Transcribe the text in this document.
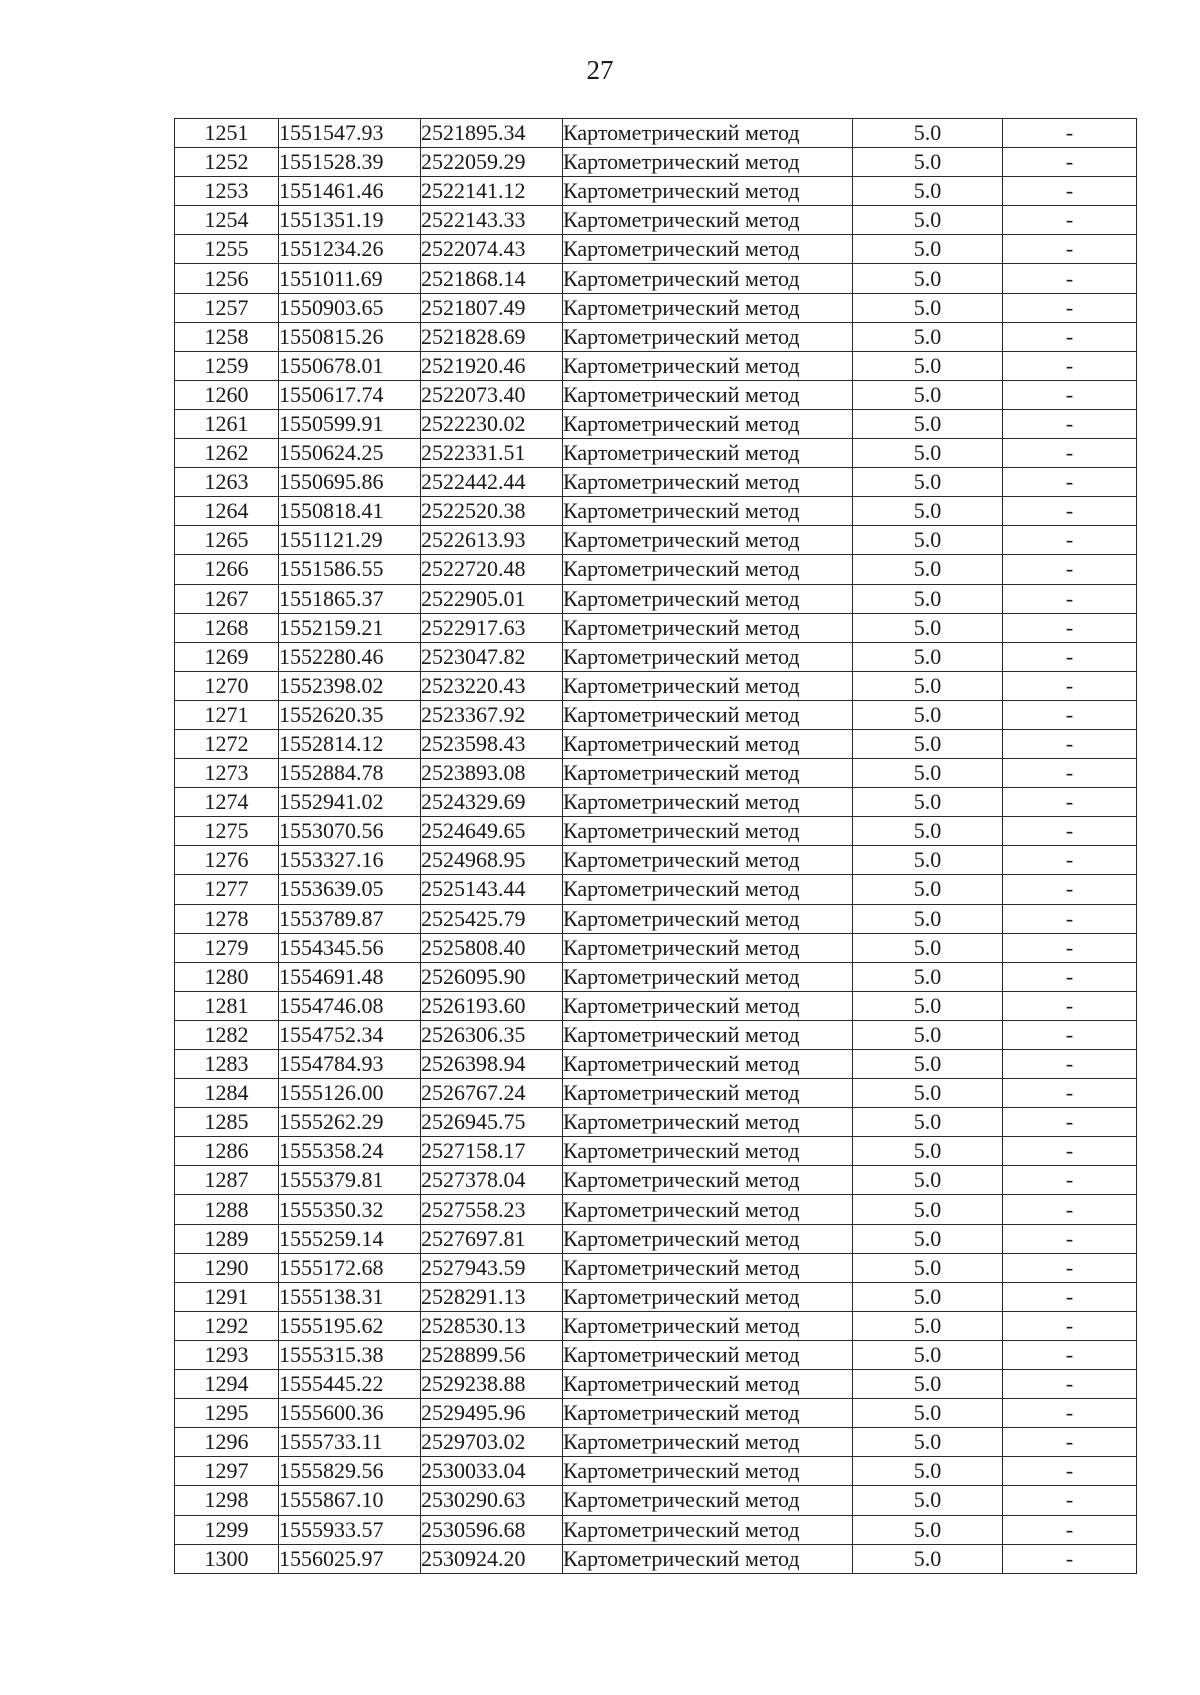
27
1251	1551547.93	2521895.34	Картометрический метод	5.0	-
1252	1551528.39	2522059.29	Картометрический метод	5.0	-
1253	1551461.46	2522141.12	Картометрический метод	5.0	-
1254	1551351.19	2522143.33	Картометрический метод	5.0	-
1255	1551234.26	2522074.43	Картометрический метод	5.0	-
1256	1551011.69	2521868.14	Картометрический метод	5.0	-
1257	1550903.65	2521807.49	Картометрический метод	5.0	-
1258	1550815.26	2521828.69	Картометрический метод	5.0	-
1259	1550678.01	2521920.46	Картометрический метод	5.0	-
1260	1550617.74	2522073.40	Картометрический метод	5.0	-
1261	1550599.91	2522230.02	Картометрический метод	5.0	-
1262	1550624.25	2522331.51	Картометрический метод	5.0	-
1263	1550695.86	2522442.44	Картометрический метод	5.0	-
1264	1550818.41	2522520.38	Картометрический метод	5.0	-
1265	1551121.29	2522613.93	Картометрический метод	5.0	-
1266	1551586.55	2522720.48	Картометрический метод	5.0	-
1267	1551865.37	2522905.01	Картометрический метод	5.0	-
1268	1552159.21	2522917.63	Картометрический метод	5.0	-
1269	1552280.46	2523047.82	Картометрический метод	5.0	-
1270	1552398.02	2523220.43	Картометрический метод	5.0	-
1271	1552620.35	2523367.92	Картометрический метод	5.0	-
1272	1552814.12	2523598.43	Картометрический метод	5.0	-
1273	1552884.78	2523893.08	Картометрический метод	5.0	-
1274	1552941.02	2524329.69	Картометрический метод	5.0	-
1275	1553070.56	2524649.65	Картометрический метод	5.0	-
1276	1553327.16	2524968.95	Картометрический метод	5.0	-
1277	1553639.05	2525143.44	Картометрический метод	5.0	-
1278	1553789.87	2525425.79	Картометрический метод	5.0	-
1279	1554345.56	2525808.40	Картометрический метод	5.0	-
1280	1554691.48	2526095.90	Картометрический метод	5.0	-
1281	1554746.08	2526193.60	Картометрический метод	5.0	-
1282	1554752.34	2526306.35	Картометрический метод	5.0	-
1283	1554784.93	2526398.94	Картометрический метод	5.0	-
1284	1555126.00	2526767.24	Картометрический метод	5.0	-
1285	1555262.29	2526945.75	Картометрический метод	5.0	-
1286	1555358.24	2527158.17	Картометрический метод	5.0	-
1287	1555379.81	2527378.04	Картометрический метод	5.0	-
1288	1555350.32	2527558.23	Картометрический метод	5.0	-
1289	1555259.14	2527697.81	Картометрический метод	5.0	-
1290	1555172.68	2527943.59	Картометрический метод	5.0	-
1291	1555138.31	2528291.13	Картометрический метод	5.0	-
1292	1555195.62	2528530.13	Картометрический метод	5.0	-
1293	1555315.38	2528899.56	Картометрический метод	5.0	-
1294	1555445.22	2529238.88	Картометрический метод	5.0	-
1295	1555600.36	2529495.96	Картометрический метод	5.0	-
1296	1555733.11	2529703.02	Картометрический метод	5.0	-
1297	1555829.56	2530033.04	Картометрический метод	5.0	-
1298	1555867.10	2530290.63	Картометрический метод	5.0	-
1299	1555933.57	2530596.68	Картометрический метод	5.0	-
1300	1556025.97	2530924.20	Картометрический метод	5.0	-
